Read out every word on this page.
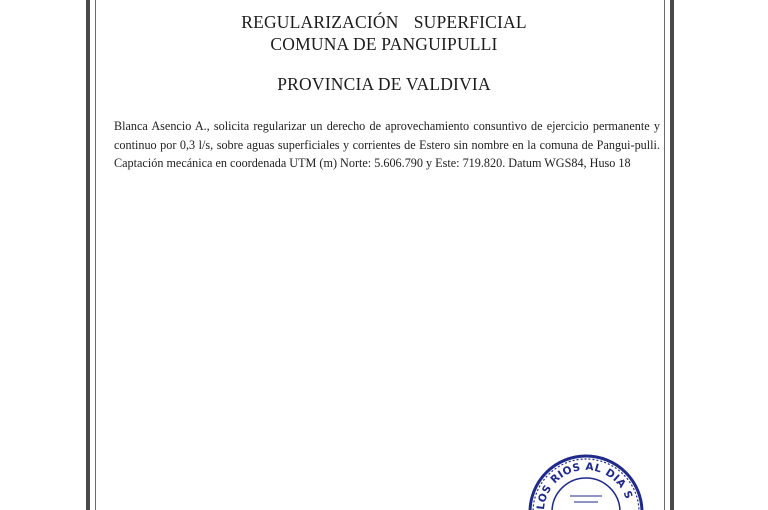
REGULARIZACIÓN  SUPERFICIAL
COMUNA DE PANGUIPULLI
PROVINCIA DE VALDIVIA
Blanca Asencio A., solicita regularizar un derecho de aprovechamiento consuntivo de ejercicio permanente y continuo por 0,3 l/s, sobre aguas superficiales y corrientes de Estero sin nombre en la comuna de Pangui-pulli. Captación mecánica en coordenada UTM (m) Norte: 5.606.790 y Este: 719.820. Datum WGS84, Huso 18
LOS RIOS AL DIA S
